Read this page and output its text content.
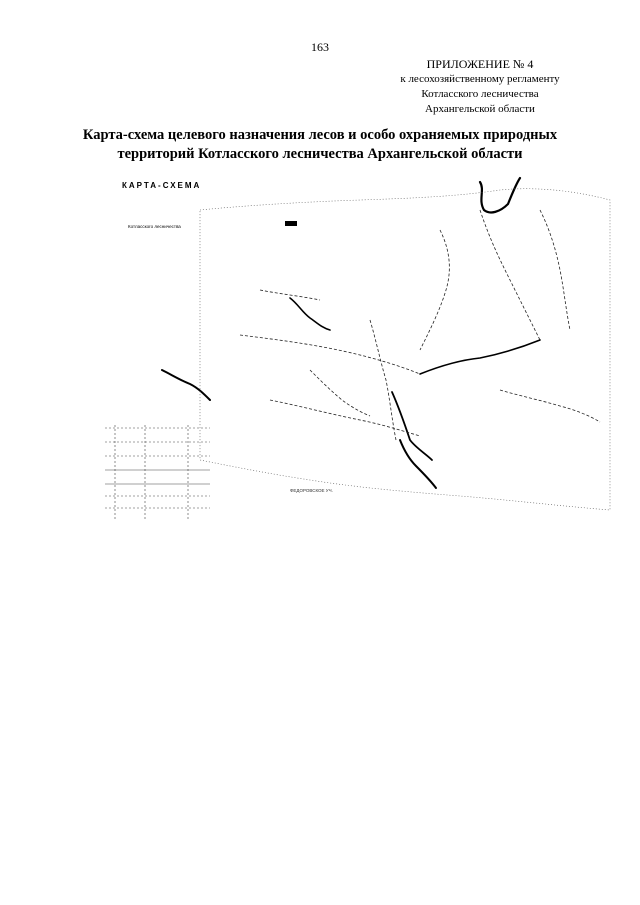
163
ПРИЛОЖЕНИЕ № 4
к лесохозяйственному регламенту
Котласского лесничества
Архангельской области
Карта-схема целевого назначения лесов и особо охраняемых природных
территорий Котласского лесничества Архангельской области
КАРТА-СХЕМА
Котласского лесничества
ФЕДОРОВСКОЕ УЧ.
